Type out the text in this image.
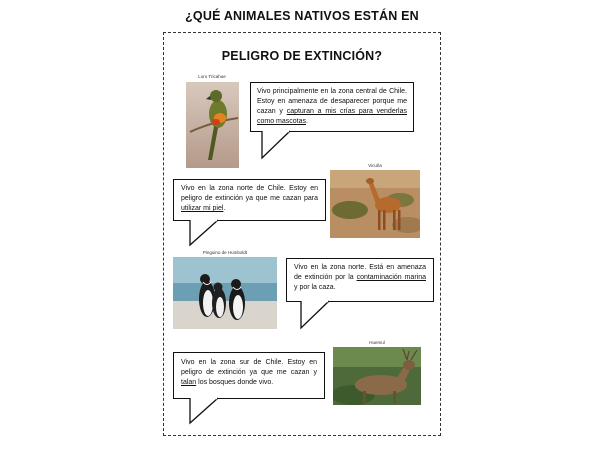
¿QUÉ ANIMALES NATIVOS ESTÁN EN
PELIGRO DE EXTINCIÓN?
Loro Tricahue

Vivo principalmente en la zona central de Chile. Estoy en amenaza de desaparecer porque me cazan y capturan a mis crías para venderlas como mascotas.

Vicuña

Vivo en la zona norte de Chile. Estoy en peligro de extinción ya que me cazan para utilizar mi piel.

Pinguino de Humboldt

Vivo en la zona norte. Está en amenaza de extinción por la contaminación marina y por la caza.

Huemul

Vivo en la zona sur de Chile. Estoy en peligro de extinción ya que me cazan y talan los bosques donde vivo.
